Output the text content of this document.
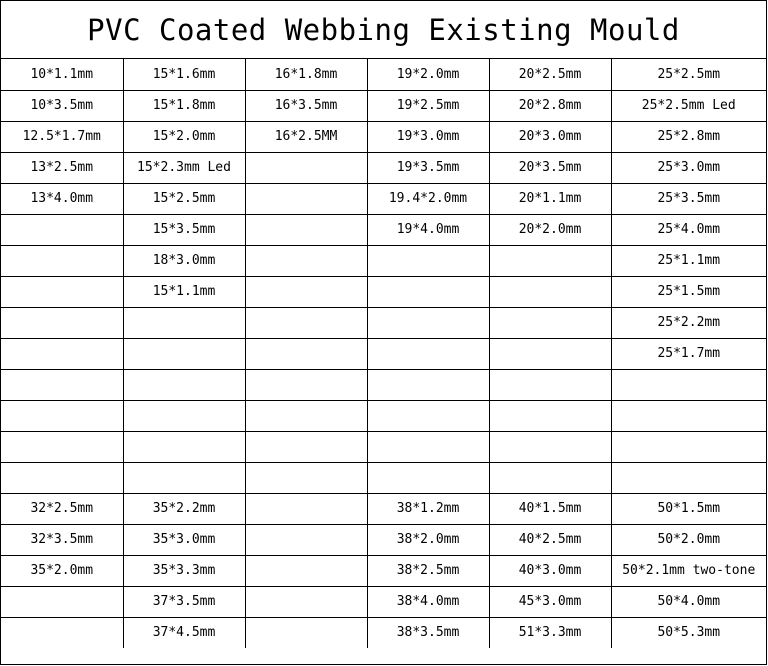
PVC Coated Webbing Existing Mould
10*1.1mm	15*1.6mm	16*1.8mm	19*2.0mm	20*2.5mm	25*2.5mm
10*3.5mm	15*1.8mm	16*3.5mm	19*2.5mm	20*2.8mm	25*2.5mm Led
12.5*1.7mm	15*2.0mm	16*2.5MM	19*3.0mm	20*3.0mm	25*2.8mm
13*2.5mm	15*2.3mm Led		19*3.5mm	20*3.5mm	25*3.0mm
13*4.0mm	15*2.5mm		19.4*2.0mm	20*1.1mm	25*3.5mm
	15*3.5mm		19*4.0mm	20*2.0mm	25*4.0mm
	18*3.0mm				25*1.1mm
	15*1.1mm				25*1.5mm
					25*2.2mm
					25*1.7mm

32*2.5mm	35*2.2mm		38*1.2mm	40*1.5mm	50*1.5mm
32*3.5mm	35*3.0mm		38*2.0mm	40*2.5mm	50*2.0mm
35*2.0mm	35*3.3mm		38*2.5mm	40*3.0mm	50*2.1mm two-tone
	37*3.5mm		38*4.0mm	45*3.0mm	50*4.0mm
	37*4.5mm		38*3.5mm	51*3.3mm	50*5.3mm
